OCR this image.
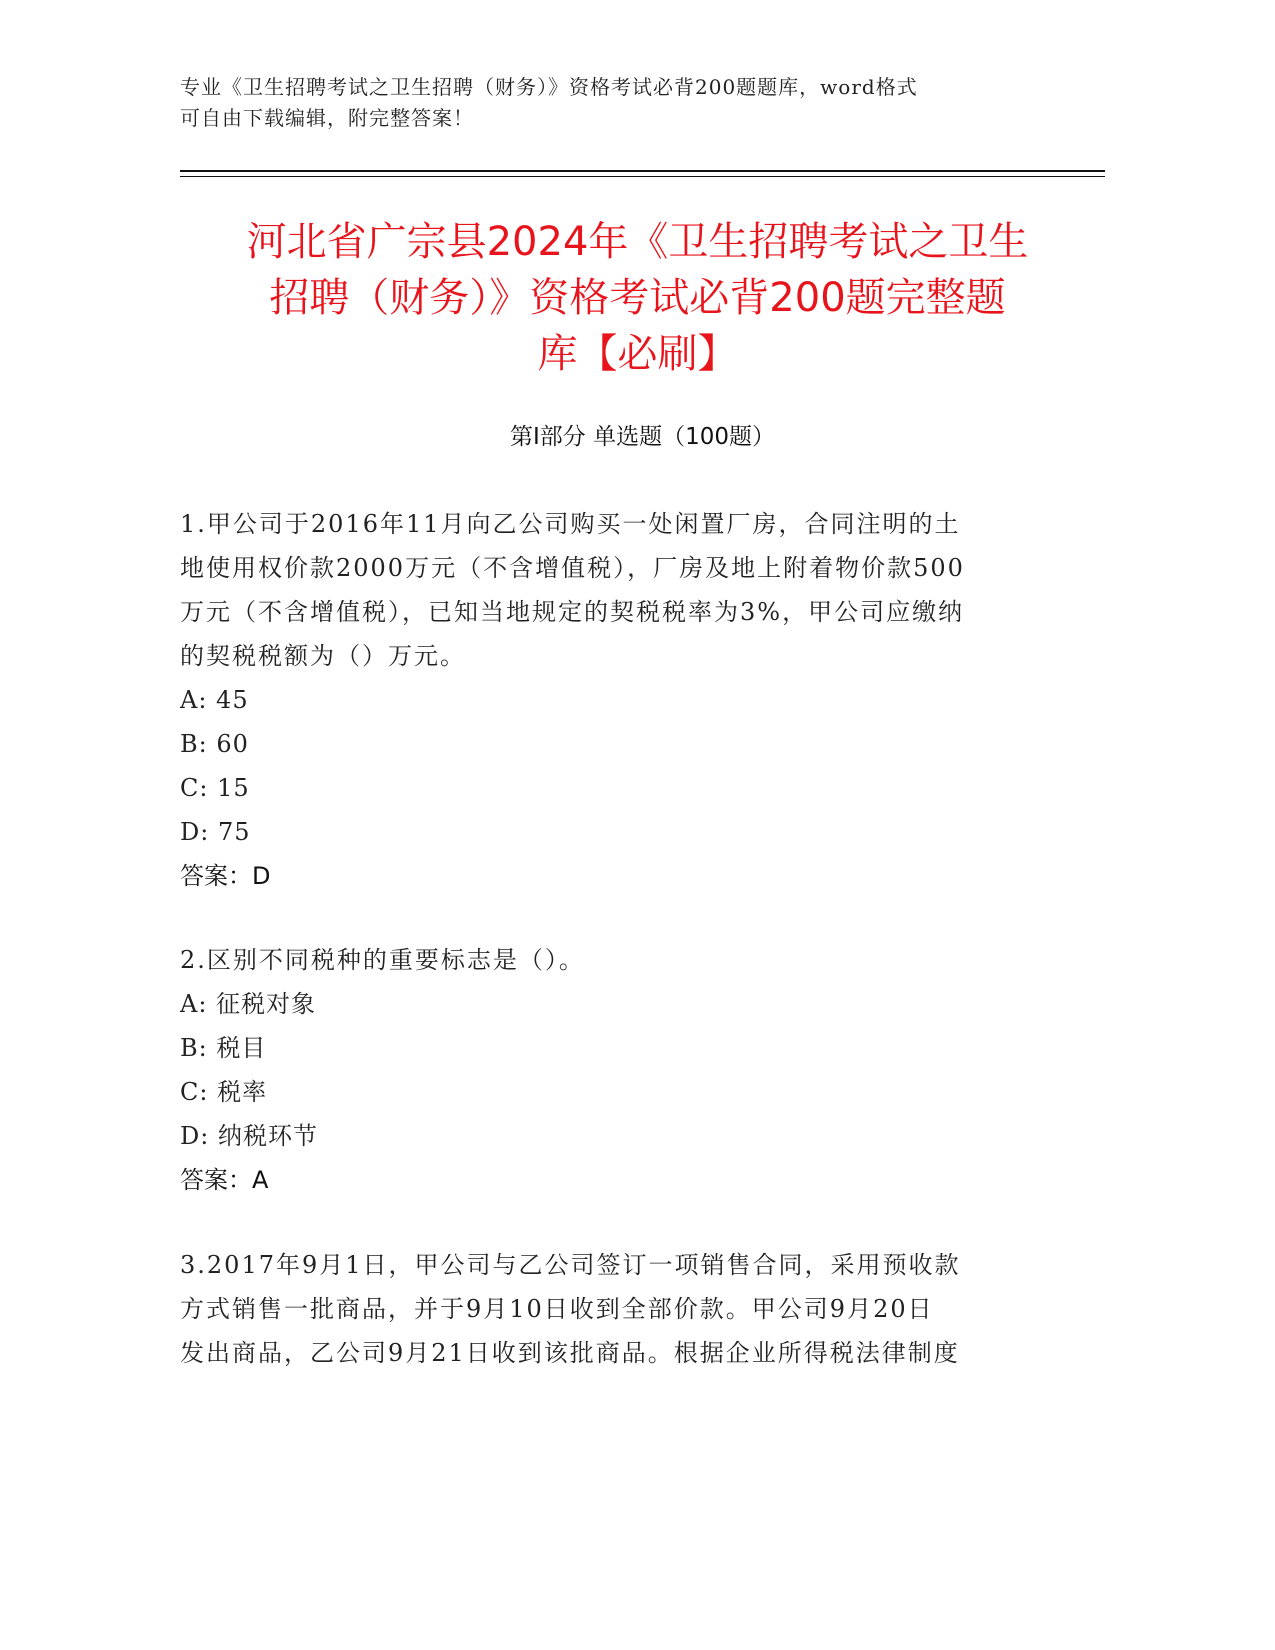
专业《卫生招聘考试之卫生招聘（财务）》资格考试必背200题题库，word格式
可自由下载编辑，附完整答案！
河北省广宗县2024年《卫生招聘考试之卫生
招聘（财务）》资格考试必背200题完整题
库【必刷】
第I部分 单选题（100题）

1.甲公司于2016年11月向乙公司购买一处闲置厂房，合同注明的土

地使用权价款2000万元（不含增值税），厂房及地上附着物价款500

万元（不含增值税），已知当地规定的契税税率为3%，甲公司应缴纳

的契税税额为（）万元。

A: 45

B: 60

C: 15

D: 75

答案：D

2.区别不同税种的重要标志是（）。

A: 征税对象

B: 税目

C: 税率

D: 纳税环节

答案：A

3.2017年9月1日，甲公司与乙公司签订一项销售合同，采用预收款

方式销售一批商品，并于9月10日收到全部价款。甲公司9月20日

发出商品，乙公司9月21日收到该批商品。根据企业所得税法律制度
